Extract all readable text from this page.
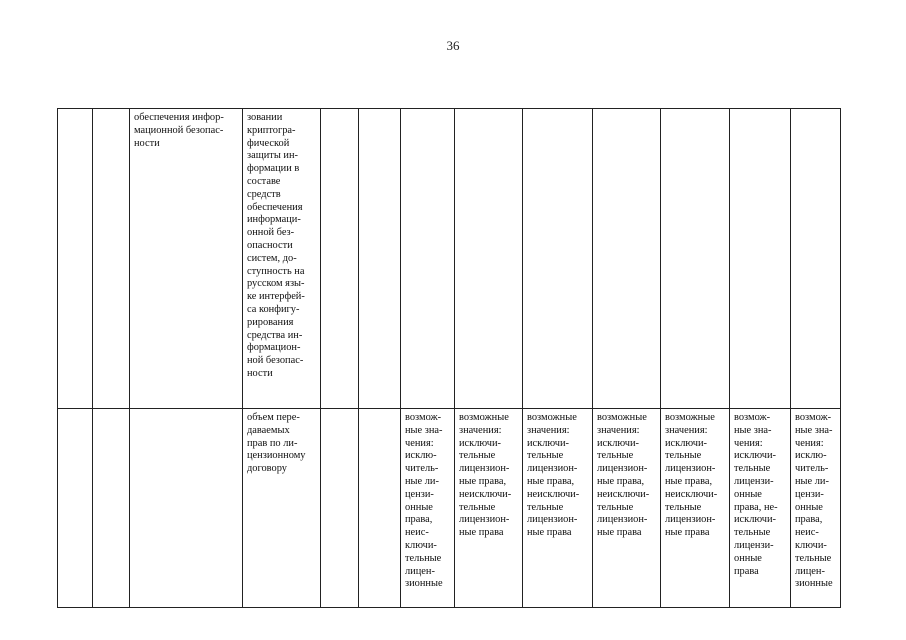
36
обеспечения инфор-
мационной безопас-
ности
зовании
криптогра-
фической
защиты ин-
формации в
составе
средств
обеспечения
информаци-
онной без-
опасности
систем, до-
ступность на
русском язы-
ке интерфей-
са конфигу-
рирования
средства ин-
формацион-
ной безопас-
ности
объем пере-
даваемых
прав по ли-
цензионному
договору
возмож-
ные зна-
чения:
исклю-
читель-
ные ли-
цензи-
онные
права,
неис-
ключи-
тельные
лицен-
зионные
возможные
значения:
исключи-
тельные
лицензион-
ные права,
неисключи-
тельные
лицензион-
ные права
возможные
значения:
исключи-
тельные
лицензион-
ные права,
неисключи-
тельные
лицензион-
ные права
возможные
значения:
исключи-
тельные
лицензион-
ные права,
неисключи-
тельные
лицензион-
ные права
возможные
значения:
исключи-
тельные
лицензион-
ные права,
неисключи-
тельные
лицензион-
ные права
возмож-
ные зна-
чения:
исключи-
тельные
лицензи-
онные
права, не-
исключи-
тельные
лицензи-
онные
права
возмож-
ные зна-
чения:
исклю-
читель-
ные ли-
цензи-
онные
права,
неис-
ключи-
тельные
лицен-
зионные
